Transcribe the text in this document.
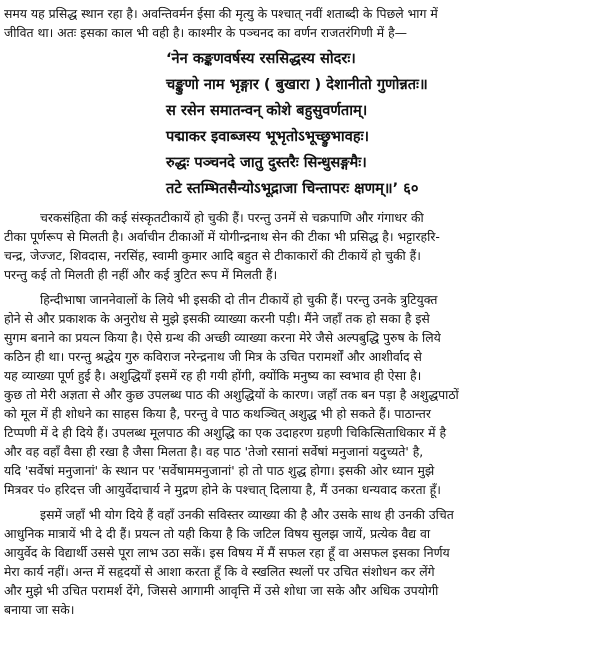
समय यह प्रसिद्ध स्थान रहा है। अवन्तिवर्मन ईसा की मृत्यु के पश्चात् नवीं शताब्दी के पिछले भाग में
जीवित था। अतः इसका काल भी वही है। काश्मीर के पञ्चनद का वर्णन राजतरंगिणी में है—
‘नेन कङ्कणवर्षस्य रससिद्धस्य सोदरः।
चङ्कुणो नाम भृङ्गार ( बुखारा ) देशानीतो गुणोन्नतः॥
स रसेन समातन्वन् कोशे बहुसुवर्णताम्।
पद्माकर इवाब्जस्य भूभृतोऽभूच्छ्रुभावहः।
रुद्धः पञ्चनदे जातु दुस्तरैः सिन्धुसङ्गमैः।
तटे स्तम्भितसैन्योऽभूद्राजा चिन्तापरः क्षणम्॥’ ६०
चरकसंहिता की कई संस्कृतटीकायें हो चुकी हैं। परन्तु उनमें से चक्रपाणि और गंगाधर की
टीका पूर्णरूप से मिलती है। अर्वाचीन टीकाओं में योगीन्द्रनाथ सेन की टीका भी प्रसिद्ध है। भट्टारहरि-
चन्द्र, जेज्जट, शिवदास, नरसिंह, स्वामी कुमार आदि बहुत से टीकाकारों की टीकायें हो चुकी हैं।
परन्तु कई तो मिलती ही नहीं और कई त्रुटित रूप में मिलती हैं।
हिन्दीभाषा जाननेवालों के लिये भी इसकी दो तीन टीकायें हो चुकी हैं। परन्तु उनके त्रुटियुक्त
होने से और प्रकाशक के अनुरोध से मुझे इसकी व्याख्या करनी पड़ी। मैंने जहाँ तक हो सका है इसे
सुगम बनाने का प्रयत्न किया है। ऐसे ग्रन्थ की अच्छी व्याख्या करना मेरे जैसे अल्पबुद्धि पुरुष के लिये
कठिन ही था। परन्तु श्रद्धेय गुरु कविराज नरेन्द्रनाथ जी मित्र के उचित परामर्शों और आशीर्वाद से
यह व्याख्या पूर्ण हुई है। अशुद्धियाँ इसमें रह ही गयी होंगी, क्योंकि मनुष्य का स्वभाव ही ऐसा है।
कुछ तो मेरी अज्ञता से और कुछ उपलब्ध पाठ की अशुद्धियों के कारण। जहाँ तक बन पड़ा है अशुद्धपाठों
को मूल में ही शोधने का साहस किया है, परन्तु वे पाठ कथञ्चित् अशुद्ध भी हो सकते हैं। पाठान्तर
टिप्पणी में दे ही दिये हैं। उपलब्ध मूलपाठ की अशुद्धि का एक उदाहरण ग्रहणी चिकित्सिताधिकार में है
और वह वहाँ वैसा ही रखा है जैसा मिलता है। वह पाठ 'तेजो रसानां सर्वेषां मनुजानां यदुच्यते' है,
यदि 'सर्वेषां मनुजानां' के स्थान पर 'सर्वेषाममनुजानां' हो तो पाठ शुद्ध होगा। इसकी ओर ध्यान मुझे
मित्रवर पं० हरिदत्त जी आयुर्वेदाचार्य ने मुद्रण होने के पश्चात् दिलाया है, मैं उनका धन्यवाद करता हूँ।
इसमें जहाँ भी योग दिये हैं वहाँ उनकी सविस्तर व्याख्या की है और उसके साथ ही उनकी उचित
आधुनिक मात्रायें भी दे दी हैं। प्रयत्न तो यही किया है कि जटिल विषय सुलझ जायें, प्रत्येक वैद्य वा
आयुर्वेद के विद्यार्थी उससे पूरा लाभ उठा सकें। इस विषय में मैं सफल रहा हूँ वा असफल इसका निर्णय
मेरा कार्य नहीं। अन्त में सहृदयों से आशा करता हूँ कि वे स्खलित स्थलों पर उचित संशोधन कर लेंगे
और मुझे भी उचित परामर्श देंगे, जिससे आगामी आवृत्ति में उसे शोधा जा सके और अधिक उपयोगी
बनाया जा सके।
